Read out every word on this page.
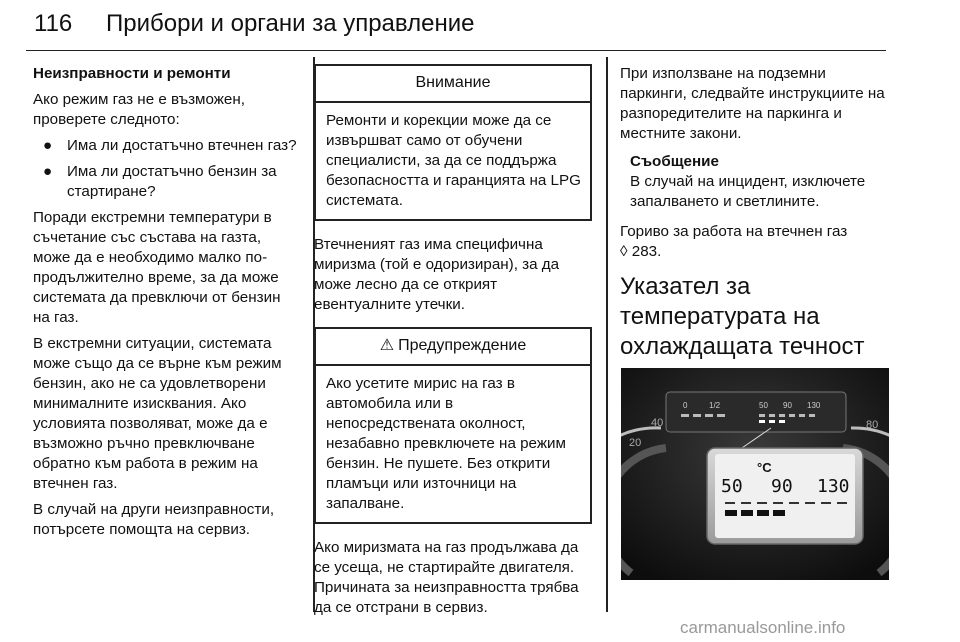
116 Прибори и органи за управление

Неизправности и ремонти

Ако режим газ не е възможен, проверете следното:

● Има ли достатъчно втечнен газ?
● Има ли достатъчно бензин за стартиране?

Поради екстремни температури в съчетание със състава на газта, може да е необходимо малко по-продължително време, за да може системата да превключи от бензин на газ.

В екстремни ситуации, системата може също да се върне към режим бензин, ако не са удовлетворени минималните изисквания. Ако условията позволяват, може да е възможно ръчно превключване обратно към работа в режим на втечнен газ.

В случай на други неизправности, потърсете помощта на сервиз.

Внимание
Ремонти и корекции може да се извършват само от обучени специалисти, за да се поддържа безопасността и гаранцията на LPG системата.

Втечненият газ има специфична миризма (той е одоризиран), за да може лесно да се открият евентуалните утечки.

⚠ Предупреждение
Ако усетите мирис на газ в автомобила или в непосредствената околност, незабавно превключете на режим бензин. Не пушете. Без открити пламъци или източници на запалване.

Ако миризмата на газ продължава да се усеща, не стартирайте двигателя. Причината за неизправността трябва да се отстрани в сервиз.

При използване на подземни паркинги, следвайте инструкциите на разпоредителите на паркинга и местните закони.

Съобщение
В случай на инцидент, изключете запалването и светлините.

Гориво за работа на втечнен газ
◊ 283.

Указател за температурата на охлаждащата течност
20
40	80
0	1/2	50 90 130
°C
50 90 130
carmanualsonline.info
